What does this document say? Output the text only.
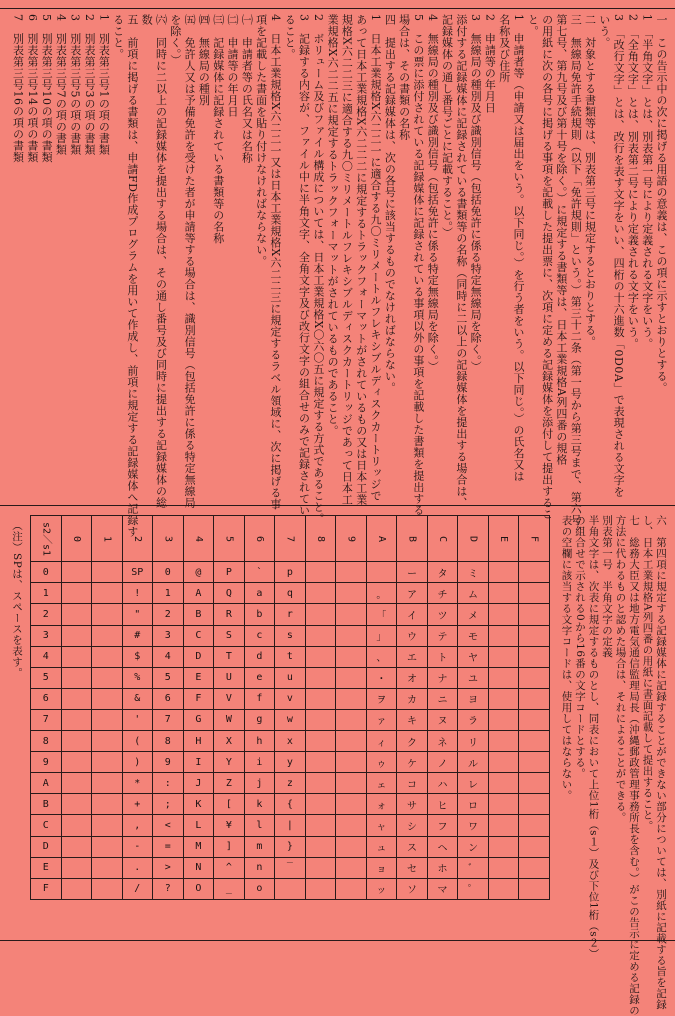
一　この告示中の次に掲げる用語の意義は、この項に示すとおりとする。
1　「半角文字」とは、別表第一号により定義される文字をいう。
2　「全角文字」とは、別表第二号により定義される文字をいう。
3　「改行文字」とは、改行を表す文字をいい、四桁の十六進数「0D0A」で表現される文字を
いう。
二　対象とする書類等は、別表第三号に規定するとおりとする。
三　無線局免許手続規則（以下「免許規則」という。）第三十二条（第一号から第三号まで、第六号、
第七号、第九号及び第十号を除く。）に規定する書類等は、日本工業規格A列四番の規格
の用紙に次の各号に掲げる事項を記載した提出票に、次項に定める記録媒体を添付して提出するこ
と。
1　申請者等（申請又は届出をいう。以下同じ。）を行う者をいう。以下同じ。）の氏名又は
名称及び住所
2　申請等の年月日
3　無線局の種別及び識別信号（包括免許に係る特定無線局を除く。）
添付する記録媒体に記録されている書類等の名称（同時に二以上の記録媒体を提出する場合は、
記録媒体の通し番号ごとに記載すること。）
4　無線局の種別及び識別信号（包括免許に係る特定無線局を除く。）
5　この票に添付されている記録媒体に記録されている事項以外の事項を記載した書類を提出する
場合は、その書類の名称
四　提出する記録媒体は、次の各号に該当するものでなければならない。
1　日本工業規格X六二二一に適合する九〇ミリメートルフレキシブルディスクカートリッジで
あって日本工業規格X六二二二に規定するトラックフォーマットがされているもの又は日本工業
規格X六二二三に適合する九〇ミリメートルフレキシブルディスクカートリッジであって日本工
業規格X六二二五に規定するトラックフォーマットがされているものであること。
2　ボリューム及びファイル構成については、日本工業規格X〇六〇五に規定する方式であること。
3　記録する内容が、ファイル中に半角文字、全角文字及び改行文字の組合せのみで記録されてい
ること。
4　日本工業規格X六二二一又は日本工業規格X六二二三に規定するラベル領域に、次に掲げる事
項を記載した書面を貼り付けなければならない。
㈠　申請者等の氏名又は名称
㈡　申請等の年月日
㈢　記録媒体に記録されている書類等の名称
㈣　無線局の種別
㈤　免許人又は予備免許を受けた者が申請等する場合は、識別信号（包括免許に係る特定無線局
を除く。）
㈥　同時に二以上の記録媒体を提出する場合は、その通し番号及び同時に提出する記録媒体の総
数
五　前項に掲げる書類は、申請FD作成プログラムを用いて作成し、前項に規定する記録媒体へ記録す
ること。
1　別表第三号1の項の書類
2　別表第三号3の項の書類
3　別表第三号5の項の書類
4　別表第三号7の項の書類
5　別表第三号10の項の書類
6　別表第三号14の項の書類
7　別表第三号16の項の書類
六　第四項に規定する記録媒体に記録することができない部分については、別紙に記載する旨を記録
し、日本工業規格A列四番の用紙に書面記載して提出すること。
七　総務大臣又は地方電気通信監理局長（沖縄郵政管理事務所長を含む。）がこの告示に定める記録の
方法に代わるものと認めた場合は、それによることができる。
別表第一号　半角文字の定義
半角文字は、次表に規定するものとし、同表において上位1桁（s１）及び下位1桁（s２）
の組合せで示される0から16番の文字コードとする。
表の空欄に該当する文字コードは、使用してはならない。
s2＼s1	0	1	2	3	4	5	6	7	8	9	A	B	C	D	E	F
0			SP	0	@	P	`	p				ー	タ	ミ		
1			!	1	A	Q	a	q			。	ア	チ	ム		
2			"	2	B	R	b	r			「	イ	ツ	メ		
3			#	3	C	S	c	s			」	ウ	テ	モ		
4			$	4	D	T	d	t			、	エ	ト	ヤ		
5			%	5	E	U	e	u			・	オ	ナ	ユ		
6			&	6	F	V	f	v			ヲ	カ	ニ	ヨ		
7			'	7	G	W	g	w			ァ	キ	ヌ	ラ		
8			(	8	H	X	h	x			ィ	ク	ネ	リ		
9			)	9	I	Y	i	y			ゥ	ケ	ノ	ル		
A			*	:	J	Z	j	z			ェ	コ	ハ	レ		
B			+	;	K	[	k	{			ォ	サ	ヒ	ロ		
C			,	<	L	¥	l	|			ャ	シ	フ	ワ		
D			-	=	M	]	m	}			ュ	ス	ヘ	ン		
E			.	>	N	^	n	‾			ョ	セ	ホ	゛		
F			/	?	O	_	o				ッ	ソ	マ	゜		
（注）SPは、スペースを表す。
